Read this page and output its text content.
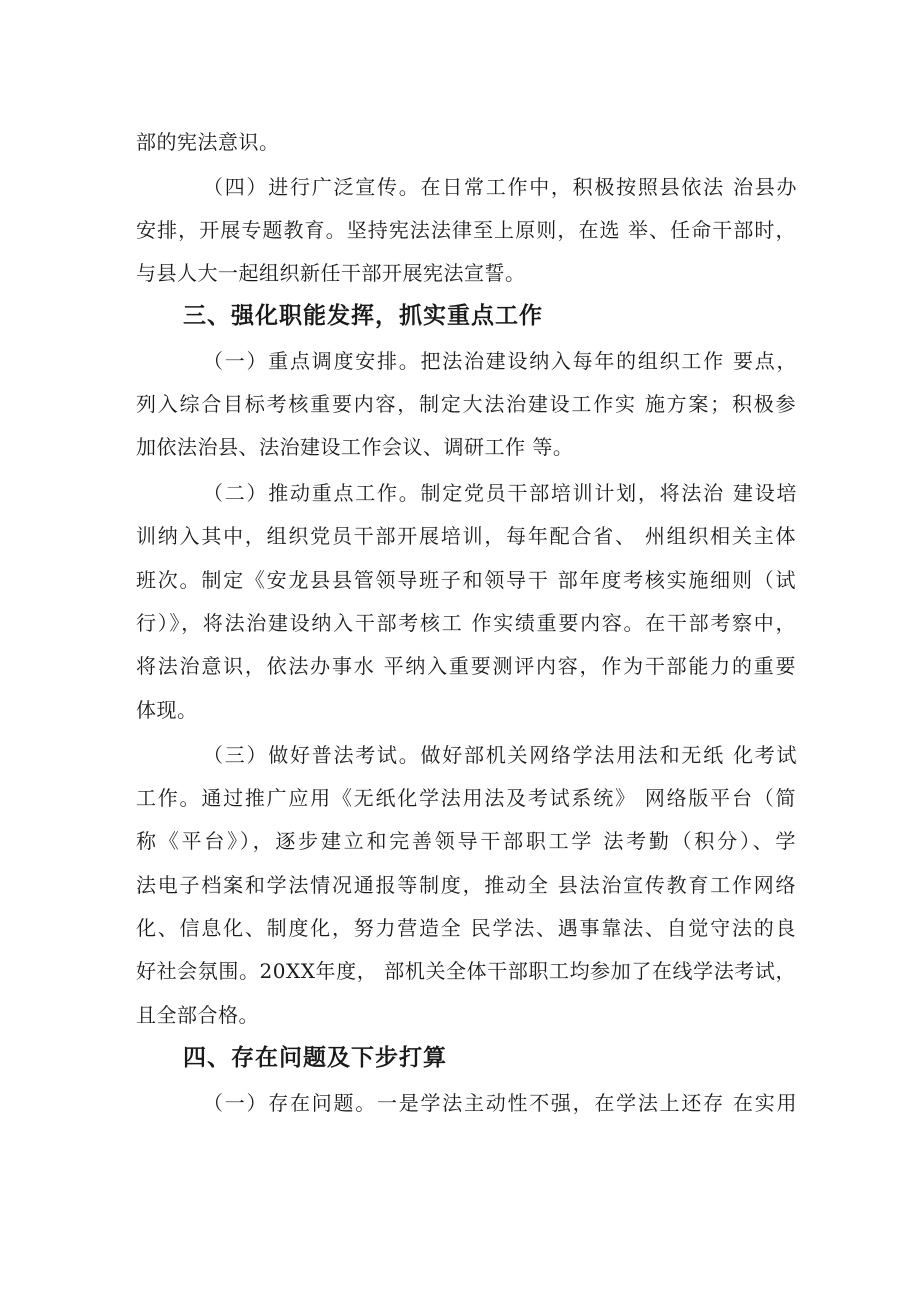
部的宪法意识。
（四）进行广泛宣传。在日常工作中，积极按照县依法 治县办
安排，开展专题教育。坚持宪法法律至上原则，在选 举、任命干部时，
与县人大一起组织新任干部开展宪法宣誓。
三、强化职能发挥，抓实重点工作
（一）重点调度安排。把法治建设纳入每年的组织工作 要点，
列入综合目标考核重要内容，制定大法治建设工作实 施方案；积极参
加依法治县、法治建设工作会议、调研工作 等。
（二）推动重点工作。制定党员干部培训计划，将法治 建设培
训纳入其中，组织党员干部开展培训，每年配合省、 州组织相关主体
班次。制定《安龙县县管领导班子和领导干 部年度考核实施细则（试
行）》，将法治建设纳入干部考核工 作实绩重要内容。在干部考察中，
将法治意识，依法办事水 平纳入重要测评内容，作为干部能力的重要
体现。
（三）做好普法考试。做好部机关网络学法用法和无纸 化考试
工作。通过推广应用《无纸化学法用法及考试系统》 网络版平台（简
称《平台》），逐步建立和完善领导干部职工学 法考勤（积分）、学
法电子档案和学法情况通报等制度，推动全 县法治宣传教育工作网络
化、信息化、制度化，努力营造全 民学法、遇事靠法、自觉守法的良
好社会氛围。20XX年度， 部机关全体干部职工均参加了在线学法考试，
且全部合格。
四、存在问题及下步打算
（一）存在问题。一是学法主动性不强，在学法上还存 在实用
